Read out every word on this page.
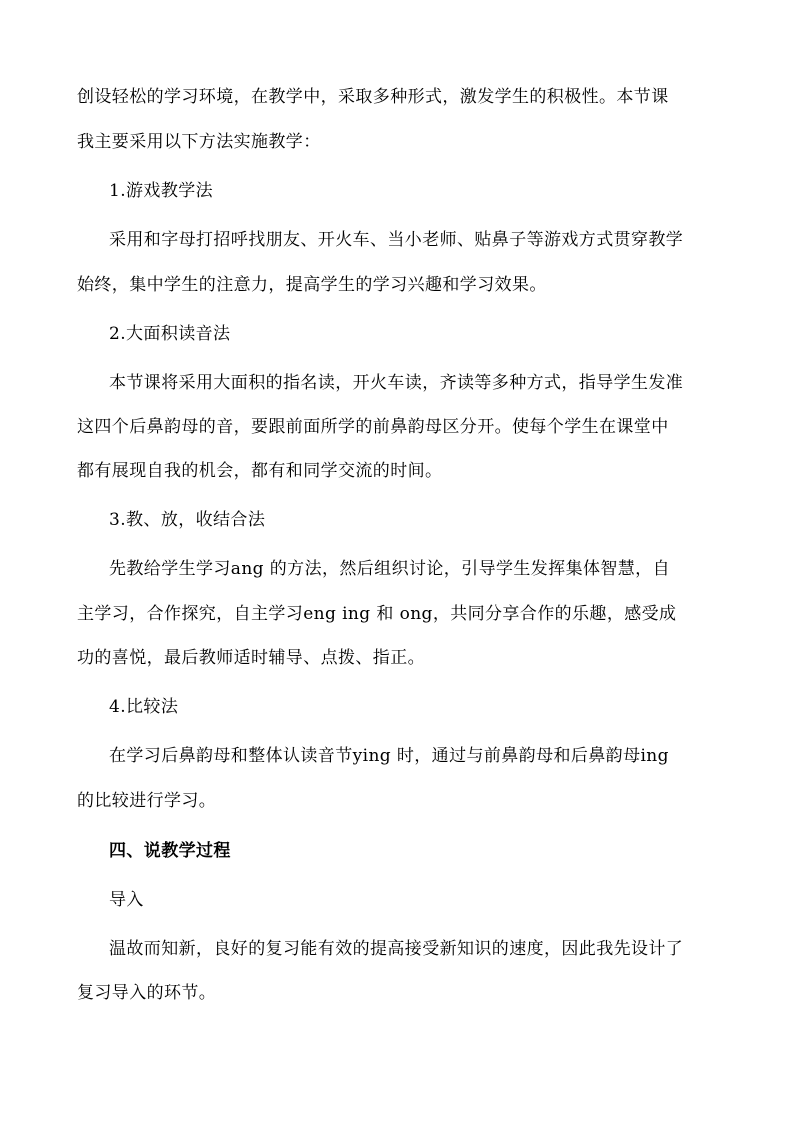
创设轻松的学习环境，在教学中，采取多种形式，激发学生的积极性。本节课
我主要采用以下方法实施教学：
1.游戏教学法
采用和字母打招呼找朋友、开火车、当小老师、贴鼻子等游戏方式贯穿教学
始终，集中学生的注意力，提高学生的学习兴趣和学习效果。
2.大面积读音法
本节课将采用大面积的指名读，开火车读，齐读等多种方式，指导学生发准
这四个后鼻韵母的音，要跟前面所学的前鼻韵母区分开。使每个学生在课堂中
都有展现自我的机会，都有和同学交流的时间。
3.教、放，收结合法
先教给学生学习ang 的方法，然后组织讨论，引导学生发挥集体智慧，自
主学习，合作探究，自主学习eng ing 和 ong，共同分享合作的乐趣，感受成
功的喜悦，最后教师适时辅导、点拨、指正。
4.比较法
在学习后鼻韵母和整体认读音节ying 时，通过与前鼻韵母和后鼻韵母ing
的比较进行学习。
四、说教学过程
导入
温故而知新，良好的复习能有效的提高接受新知识的速度，因此我先设计了
复习导入的环节。
